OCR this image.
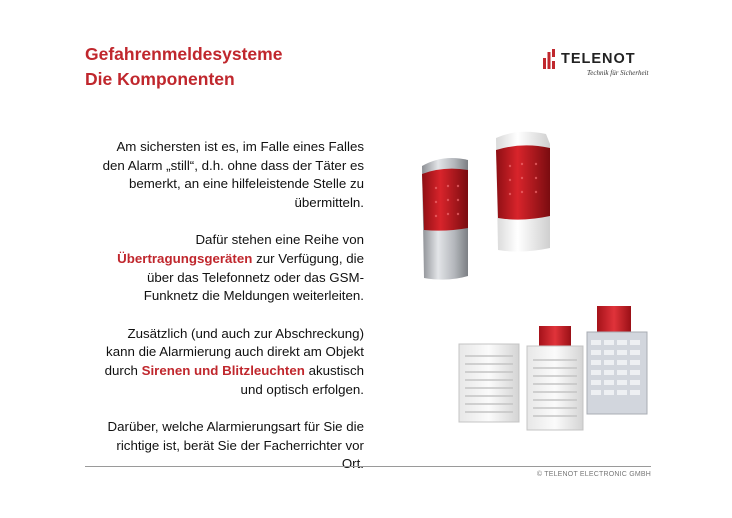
Gefahrenmeldesysteme
Die Komponenten
TELENOT
Technik für Sicherheit

Am sichersten ist es, im Falle eines Falles den Alarm „still“, d.h. ohne dass der Täter es bemerkt, an eine hilfeleistende Stelle zu übermitteln.

Dafür stehen eine Reihe von Übertragungsgeräten zur Verfügung, die über das Telefonnetz oder das GSM-Funknetz die Meldungen weiterleiten.

Zusätzlich (und auch zur Abschreckung) kann die Alarmierung auch direkt am Objekt durch Sirenen und Blitzleuchten akustisch und optisch erfolgen.

Darüber, welche Alarmierungsart für Sie die richtige ist, berät Sie der Facherrichter vor Ort.

© TELENOT ELECTRONIC GMBH
